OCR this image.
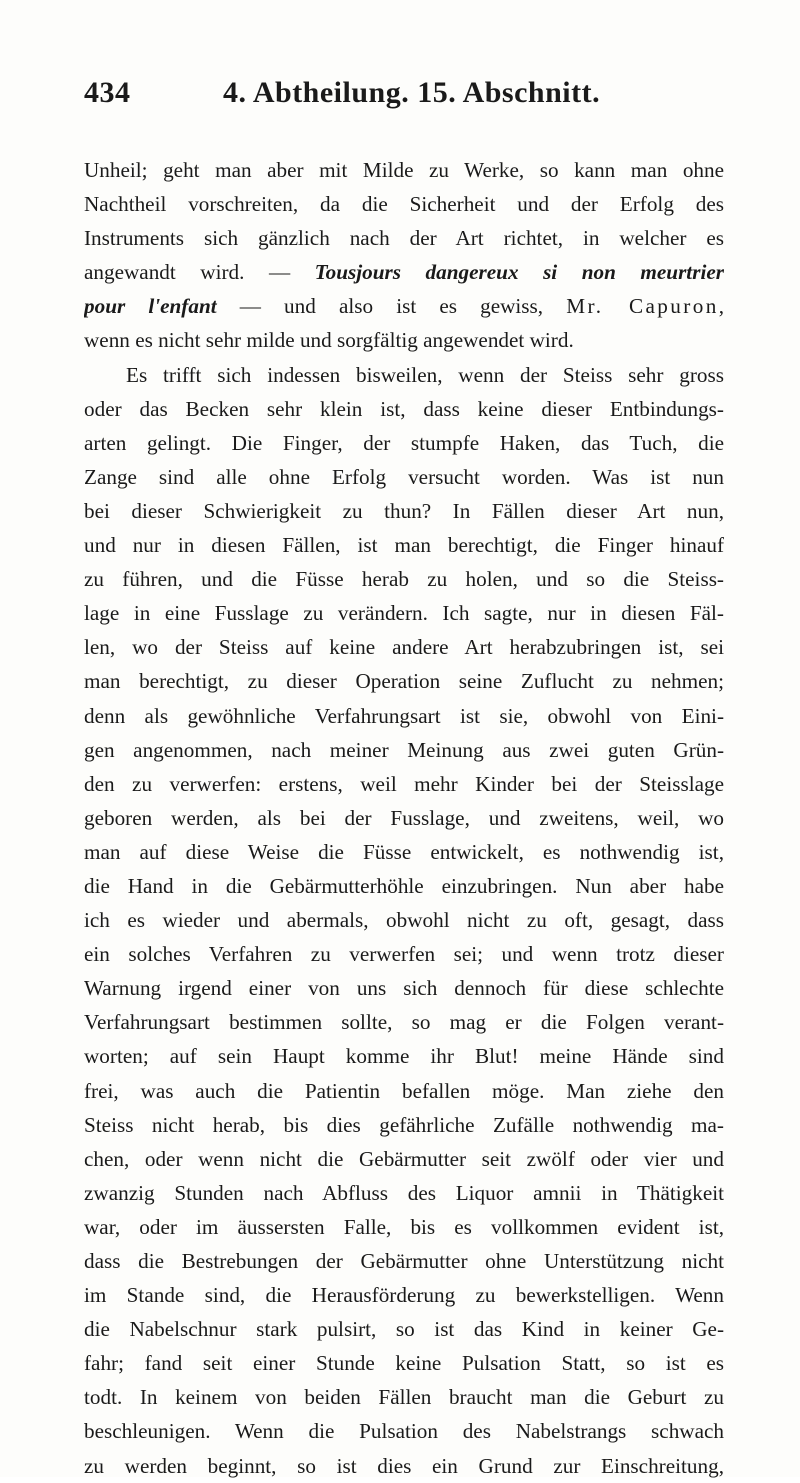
434	4. Abtheilung. 15. Abschnitt.
Unheil; geht man aber mit Milde zu Werke, so kann man ohne
Nachtheil vorschreiten, da die Sicherheit und der Erfolg des
Instruments sich gänzlich nach der Art richtet, in welcher es
angewandt wird. — Tousjours dangereux si non meurtrier
pour l'enfant — und also ist es gewiss, Mr. Capuron,
wenn es nicht sehr milde und sorgfältig angewendet wird.
Es trifft sich indessen bisweilen, wenn der Steiss sehr gross
oder das Becken sehr klein ist, dass keine dieser Entbindungs-
arten gelingt. Die Finger, der stumpfe Haken, das Tuch, die
Zange sind alle ohne Erfolg versucht worden. Was ist nun
bei dieser Schwierigkeit zu thun? In Fällen dieser Art nun,
und nur in diesen Fällen, ist man berechtigt, die Finger hinauf
zu führen, und die Füsse herab zu holen, und so die Steiss-
lage in eine Fusslage zu verändern. Ich sagte, nur in diesen Fäl-
len, wo der Steiss auf keine andere Art herabzubringen ist, sei
man berechtigt, zu dieser Operation seine Zuflucht zu nehmen;
denn als gewöhnliche Verfahrungsart ist sie, obwohl von Eini-
gen angenommen, nach meiner Meinung aus zwei guten Grün-
den zu verwerfen: erstens, weil mehr Kinder bei der Steisslage
geboren werden, als bei der Fusslage, und zweitens, weil, wo
man auf diese Weise die Füsse entwickelt, es nothwendig ist,
die Hand in die Gebärmutterhöhle einzubringen. Nun aber habe
ich es wieder und abermals, obwohl nicht zu oft, gesagt, dass
ein solches Verfahren zu verwerfen sei; und wenn trotz dieser
Warnung irgend einer von uns sich dennoch für diese schlechte
Verfahrungsart bestimmen sollte, so mag er die Folgen verant-
worten; auf sein Haupt komme ihr Blut! meine Hände sind
frei, was auch die Patientin befallen möge. Man ziehe den
Steiss nicht herab, bis dies gefährliche Zufälle nothwendig ma-
chen, oder wenn nicht die Gebärmutter seit zwölf oder vier und
zwanzig Stunden nach Abfluss des Liquor amnii in Thätigkeit
war, oder im äussersten Falle, bis es vollkommen evident ist,
dass die Bestrebungen der Gebärmutter ohne Unterstützung nicht
im Stande sind, die Herausförderung zu bewerkstelligen. Wenn
die Nabelschnur stark pulsirt, so ist das Kind in keiner Ge-
fahr; fand seit einer Stunde keine Pulsation Statt, so ist es
todt. In keinem von beiden Fällen braucht man die Geburt zu
beschleunigen. Wenn die Pulsation des Nabelstrangs schwach
zu werden beginnt, so ist dies ein Grund zur Einschreitung,
